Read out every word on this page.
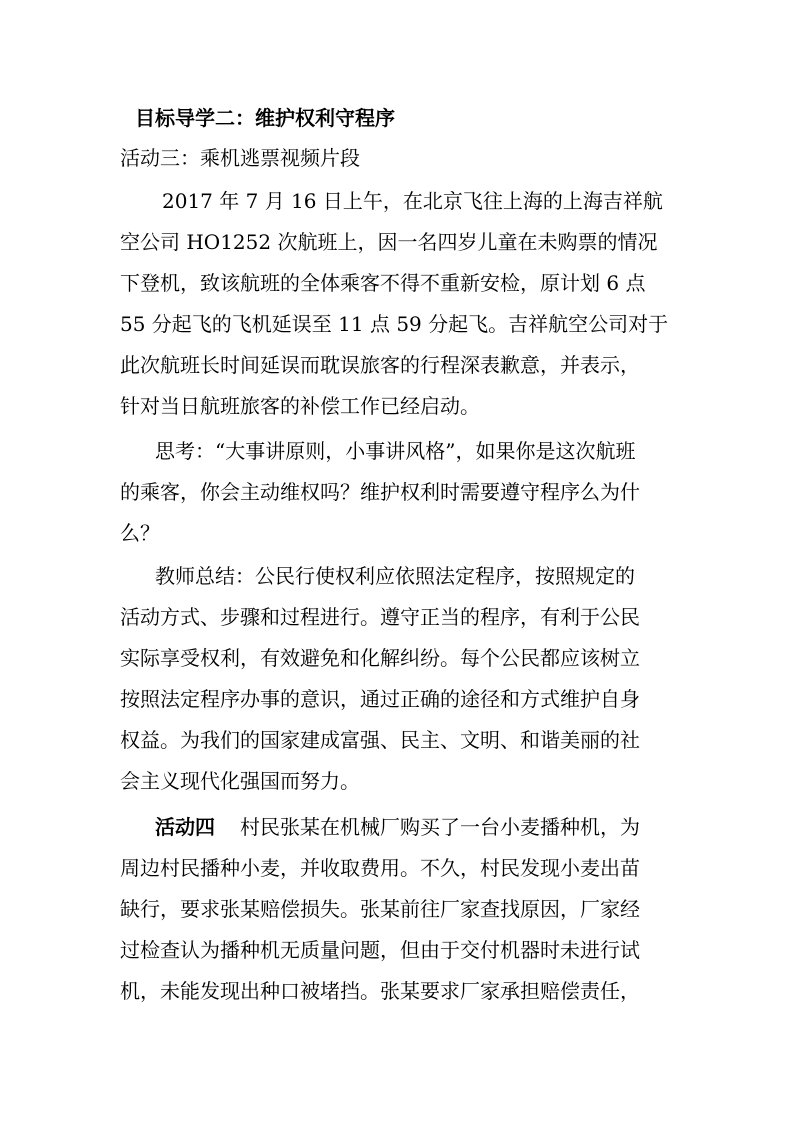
目标导学二：维护权利守程序
活动三：乘机逃票视频片段
2017 年 7 月 16 日上午，在北京飞往上海的上海吉祥航
空公司 HO1252 次航班上，因一名四岁儿童在未购票的情况
下登机，致该航班的全体乘客不得不重新安检，原计划 6 点
55 分起飞的飞机延误至 11 点 59 分起飞。吉祥航空公司对于
此次航班长时间延误而耽误旅客的行程深表歉意，并表示，
针对当日航班旅客的补偿工作已经启动。
思考：“大事讲原则，小事讲风格”，如果你是这次航班
的乘客，你会主动维权吗？维护权利时需要遵守程序么为什
么？
教师总结：公民行使权利应依照法定程序，按照规定的
活动方式、步骤和过程进行。遵守正当的程序，有利于公民
实际享受权利，有效避免和化解纠纷。每个公民都应该树立
按照法定程序办事的意识，通过正确的途径和方式维护自身
权益。为我们的国家建成富强、民主、文明、和谐美丽的社
会主义现代化强国而努力。
活动四 村民张某在机械厂购买了一台小麦播种机，为
周边村民播种小麦，并收取费用。不久，村民发现小麦出苗
缺行，要求张某赔偿损失。张某前往厂家查找原因，厂家经
过检查认为播种机无质量问题，但由于交付机器时未进行试
机，未能发现出种口被堵挡。张某要求厂家承担赔偿责任，
